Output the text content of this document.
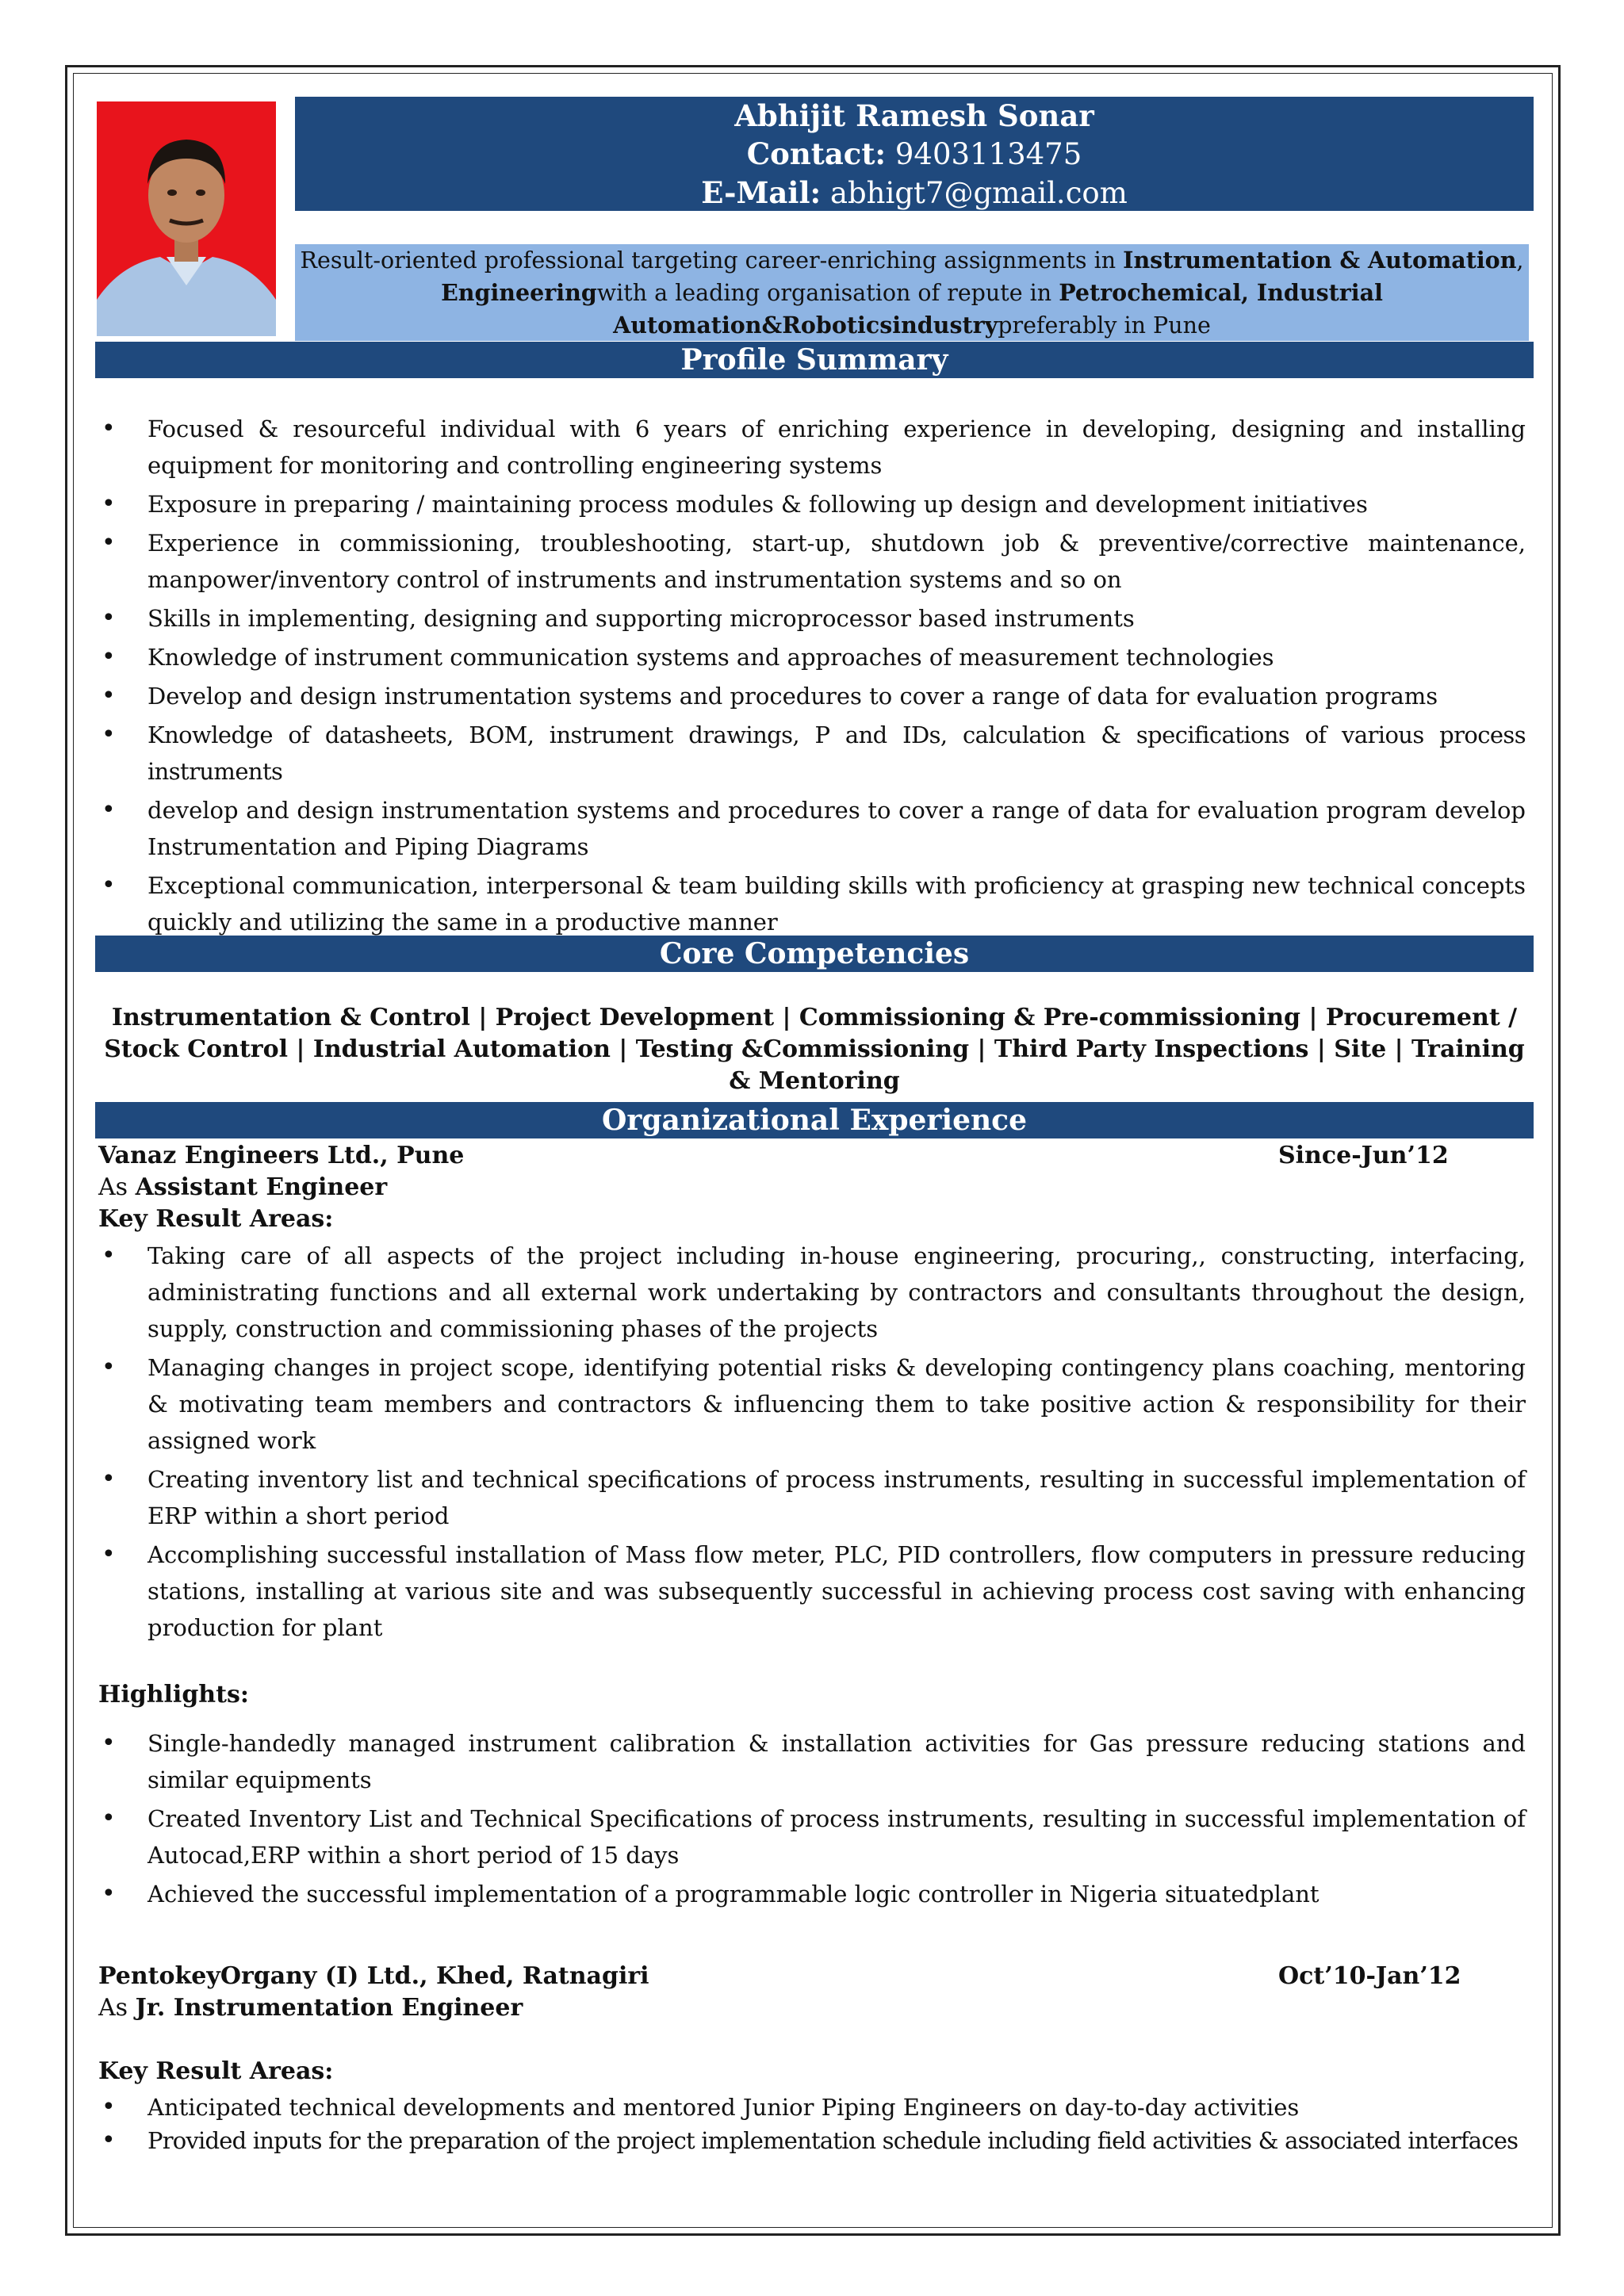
Abhijit Ramesh Sonar
Contact: 9403113475
E-Mail: abhigt7@gmail.com
Result-oriented professional targeting career-enriching assignments in Instrumentation & Automation, Engineeringwith a leading organisation of repute in Petrochemical, Industrial Automation&Roboticsindustrypreferably in Pune
Profile Summary
• Focused & resourceful individual with 6 years of enriching experience in developing, designing and installing equipment for monitoring and controlling engineering systems
• Exposure in preparing / maintaining process modules & following up design and development initiatives
• Experience in commissioning, troubleshooting, start-up, shutdown job & preventive/corrective maintenance, manpower/inventory control of instruments and instrumentation systems and so on
• Skills in implementing, designing and supporting microprocessor based instruments
• Knowledge of instrument communication systems and approaches of measurement technologies
• Develop and design instrumentation systems and procedures to cover a range of data for evaluation programs
• Knowledge of datasheets, BOM, instrument drawings, P and IDs, calculation & specifications of various process instruments
• develop and design instrumentation systems and procedures to cover a range of data for evaluation program develop Instrumentation and Piping Diagrams
• Exceptional communication, interpersonal & team building skills with proficiency at grasping new technical concepts quickly and utilizing the same in a productive manner
Core Competencies
Instrumentation & Control | Project Development | Commissioning & Pre-commissioning | Procurement / Stock Control | Industrial Automation | Testing &Commissioning | Third Party Inspections | Site | Training & Mentoring
Organizational Experience
Vanaz Engineers Ltd., Pune	Since-Jun’12
As Assistant Engineer
Key Result Areas:
• Taking care of all aspects of the project including in-house engineering, procuring,, constructing, interfacing, administrating functions and all external work undertaking by contractors and consultants throughout the design, supply, construction and commissioning phases of the projects
• Managing changes in project scope, identifying potential risks & developing contingency plans coaching, mentoring & motivating team members and contractors & influencing them to take positive action & responsibility for their assigned work
• Creating inventory list and technical specifications of process instruments, resulting in successful implementation of ERP within a short period
• Accomplishing successful installation of Mass flow meter, PLC, PID controllers, flow computers in pressure reducing stations, installing at various site and was subsequently successful in achieving process cost saving with enhancing production for plant
Highlights:
• Single-handedly managed instrument calibration & installation activities for Gas pressure reducing stations and similar equipments
• Created Inventory List and Technical Specifications of process instruments, resulting in successful implementation of Autocad,ERP within a short period of 15 days
• Achieved the successful implementation of a programmable logic controller in Nigeria situatedplant
PentokeyOrgany (I) Ltd., Khed, Ratnagiri	Oct’10-Jan’12
As Jr. Instrumentation Engineer
Key Result Areas:
• Anticipated technical developments and mentored Junior Piping Engineers on day-to-day activities
• Provided inputs for the preparation of the project implementation schedule including field activities & associated interfaces
